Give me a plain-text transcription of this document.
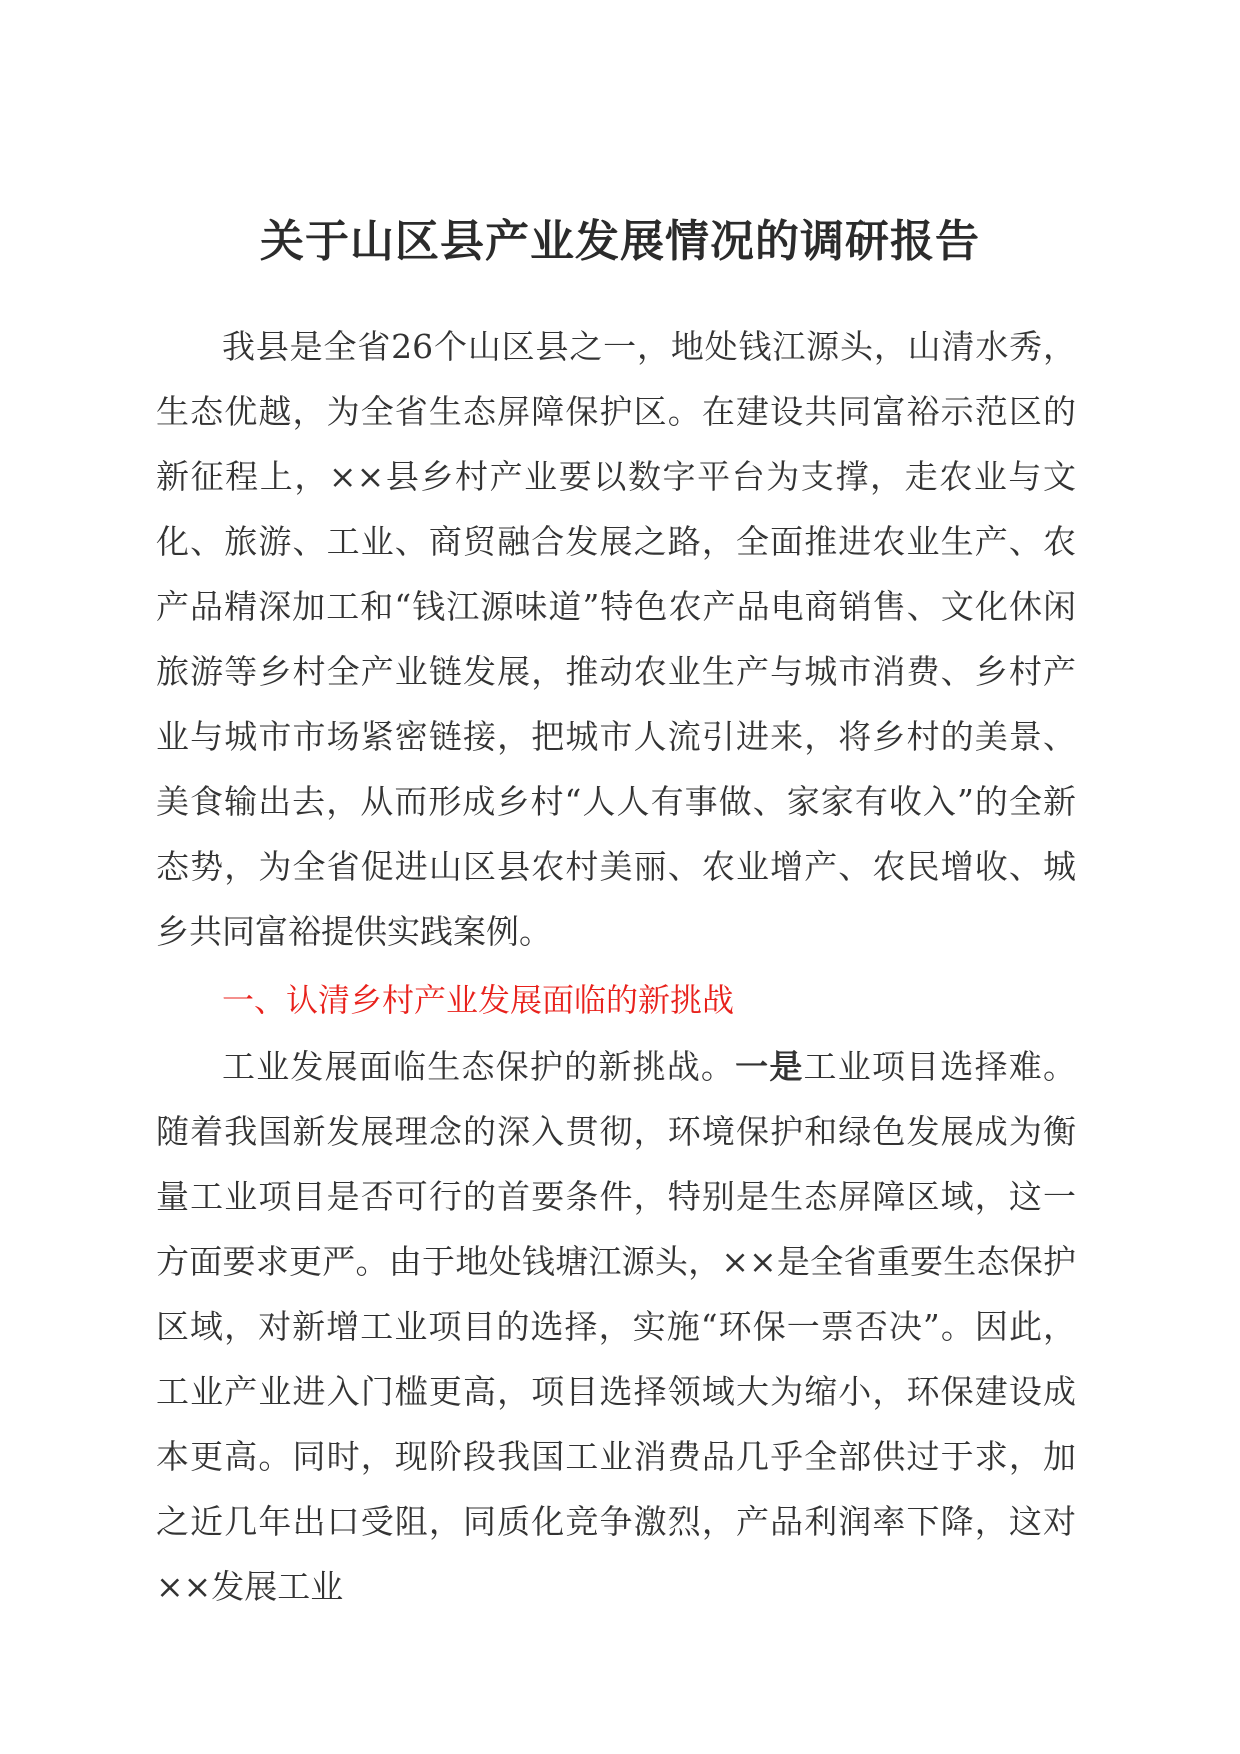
关于山区县产业发展情况的调研报告

我县是全省26个山区县之一，地处钱江源头，山清水秀，生态优越，为全省生态屏障保护区。在建设共同富裕示范区的新征程上，××县乡村产业要以数字平台为支撑，走农业与文化、旅游、工业、商贸融合发展之路，全面推进农业生产、农产品精深加工和“钱江源味道”特色农产品电商销售、文化休闲旅游等乡村全产业链发展，推动农业生产与城市消费、乡村产业与城市市场紧密链接，把城市人流引进来，将乡村的美景、美食输出去，从而形成乡村“人人有事做、家家有收入”的全新态势，为全省促进山区县农村美丽、农业增产、农民增收、城乡共同富裕提供实践案例。

一、认清乡村产业发展面临的新挑战

工业发展面临生态保护的新挑战。一是工业项目选择难。随着我国新发展理念的深入贯彻，环境保护和绿色发展成为衡量工业项目是否可行的首要条件，特别是生态屏障区域，这一方面要求更严。由于地处钱塘江源头，××是全省重要生态保护区域，对新增工业项目的选择，实施“环保一票否决”。因此，工业产业进入门槛更高，项目选择领域大为缩小，环保建设成本更高。同时，现阶段我国工业消费品几乎全部供过于求，加之近几年出口受阻，同质化竞争激烈，产品利润率下降，这对××发展工业
